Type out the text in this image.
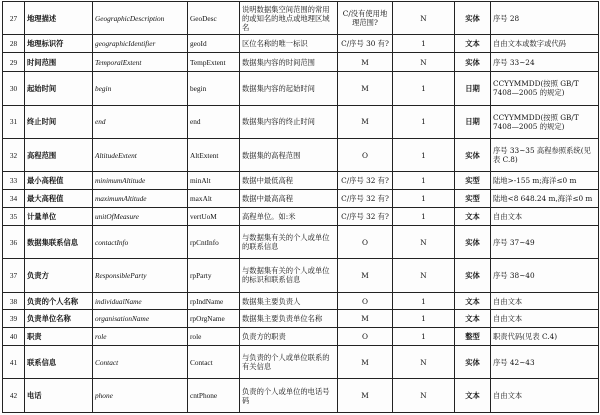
27	地理描述	GeographicDescription	GeoDesc	说明数据集空间范围的常用的或知名的地点或地理区域名	C/没有使用地理范围?	N	实体	序号 28
28	地理标识符	geographicIdentifier	geoId	区位名称的唯一标识	C/序号 30 有?	1	文本	自由文本或数字或代码
29	时间范围	TemporalExtent	TempExtent	数据集内容的时间范围	M	N	实体	序号 33~24
30	起始时间	begin	begin	数据集内容的起始时间	M	1	日期	CCYYMMDD(按照 GB/T 7408—2005 的规定)
31	终止时间	end	end	数据集内容的终止时间	M	1	日期	CCYYMMDD(按照 GB/T 7408—2005 的规定)
32	高程范围	AltitudeExtent	AltExtent	数据集的高程范围	O	1	实体	序号 33~35 高程参照系统(见表 C.8)
33	最小高程值	minimumAltitude	minAlt	数据中最低高程	C/序号 32 有?	1	实型	陆地>-155 m;海洋≤0 m
34	最大高程值	maximumAltitude	maxAlt	数据中最高高程	C/序号 32 有?	1	实型	陆地<8 648.24 m,海洋≤0 m
35	计量单位	unitOfMeasure	vertUoM	高程单位。如:米	C/序号 32 有?	1	文本	自由文本
36	数据集联系信息	contactInfo	rpCntInfo	与数据集有关的个人或单位的联系信息	O	N	实体	序号 37~49
37	负责方	ResponsibleParty	rpParty	与数据集有关的个人或单位的标识和联系信息	M	N	实体	序号 38~40
38	负责的个人名称	individualName	rpIndName	数据集主要负责人	O	1	文本	自由文本
39	负责单位名称	organisationName	rpOrgName	数据集主要负责单位名称	M	1	文本	自由文本
40	职责	role	role	负责方的职责	O	1	整型	职责代码(见表 C.4)
41	联系信息	Contact	Contact	与负责的个人或单位联系的有关信息	M	N	实体	序号 42~43
42	电话	phone	cntPhone	负责的个人或单位的电话号码	M	N	文本	自由文本
